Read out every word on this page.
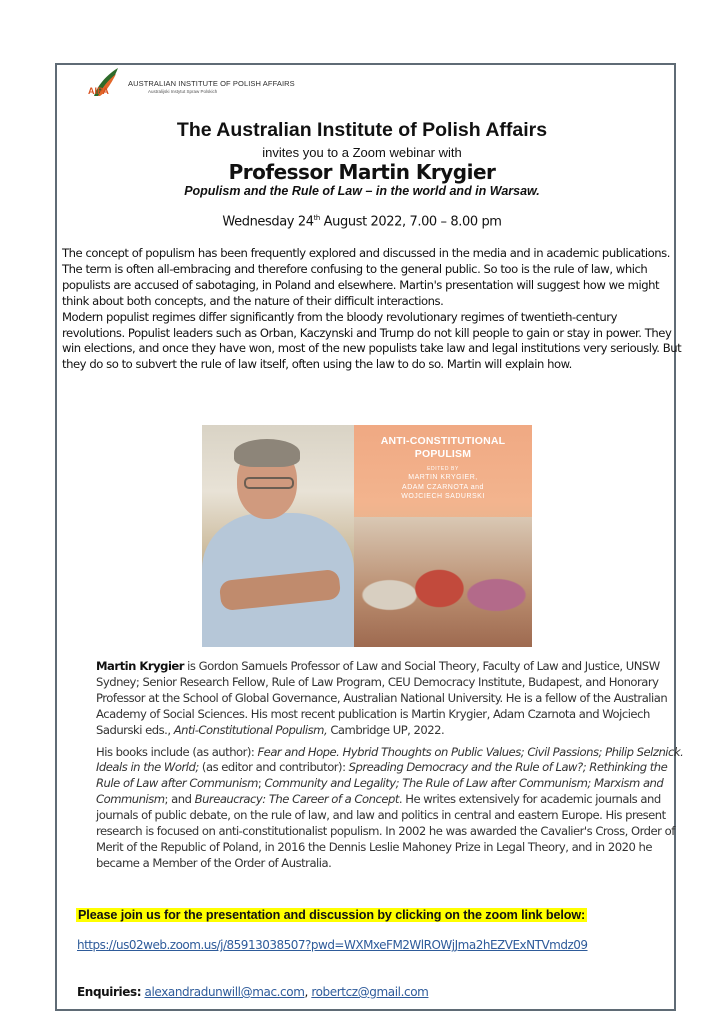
AIPA
AUSTRALIAN INSTITUTE OF POLISH AFFAIRS
Australijski Instytut Spraw Polskich
The Australian Institute of Polish Affairs
invites you to a Zoom webinar with
Professor Martin Krygier
Populism and the Rule of Law – in the world and in Warsaw.
Wednesday 24th August 2022, 7.00 – 8.00 pm

The concept of populism has been frequently explored and discussed in the media and in academic publications. The term is often all-embracing and therefore confusing to the general public. So too is the rule of law, which populists are accused of sabotaging, in Poland and elsewhere. Martin's presentation will suggest how we might think about both concepts, and the nature of their difficult interactions.

Modern populist regimes differ significantly from the bloody revolutionary regimes of twentieth-century revolutions. Populist leaders such as Orban, Kaczynski and Trump do not kill people to gain or stay in power. They win elections, and once they have won, most of the new populists take law and legal institutions very seriously. But they do so to subvert the rule of law itself, often using the law to do so. Martin will explain how.

ANTI-CONSTITUTIONAL
POPULISM
EDITED BY
MARTIN KRYGIER,
ADAM CZARNOTA and
WOJCIECH SADURSKI

Martin Krygier is Gordon Samuels Professor of Law and Social Theory, Faculty of Law and Justice, UNSW Sydney; Senior Research Fellow, Rule of Law Program, CEU Democracy Institute, Budapest, and Honorary Professor at the School of Global Governance, Australian National University. He is a fellow of the Australian Academy of Social Sciences. His most recent publication is Martin Krygier, Adam Czarnota and Wojciech Sadurski eds., Anti-Constitutional Populism, Cambridge UP, 2022.

His books include (as author): Fear and Hope. Hybrid Thoughts on Public Values; Civil Passions; Philip Selznick. Ideals in the World; (as editor and contributor): Spreading Democracy and the Rule of Law?; Rethinking the Rule of Law after Communism; Community and Legality; The Rule of Law after Communism; Marxism and Communism; and Bureaucracy: The Career of a Concept. He writes extensively for academic journals and journals of public debate, on the rule of law, and law and politics in central and eastern Europe. His present research is focused on anti-constitutionalist populism. In 2002 he was awarded the Cavalier's Cross, Order of Merit of the Republic of Poland, in 2016 the Dennis Leslie Mahoney Prize in Legal Theory, and in 2020 he became a Member of the Order of Australia.

Please join us for the presentation and discussion by clicking on the zoom link below:
https://us02web.zoom.us/j/85913038507?pwd=WXMxeFM2WlROWjJma2hEZVExNTVmdz09
Enquiries: alexandradunwill@mac.com, robertcz@gmail.com
